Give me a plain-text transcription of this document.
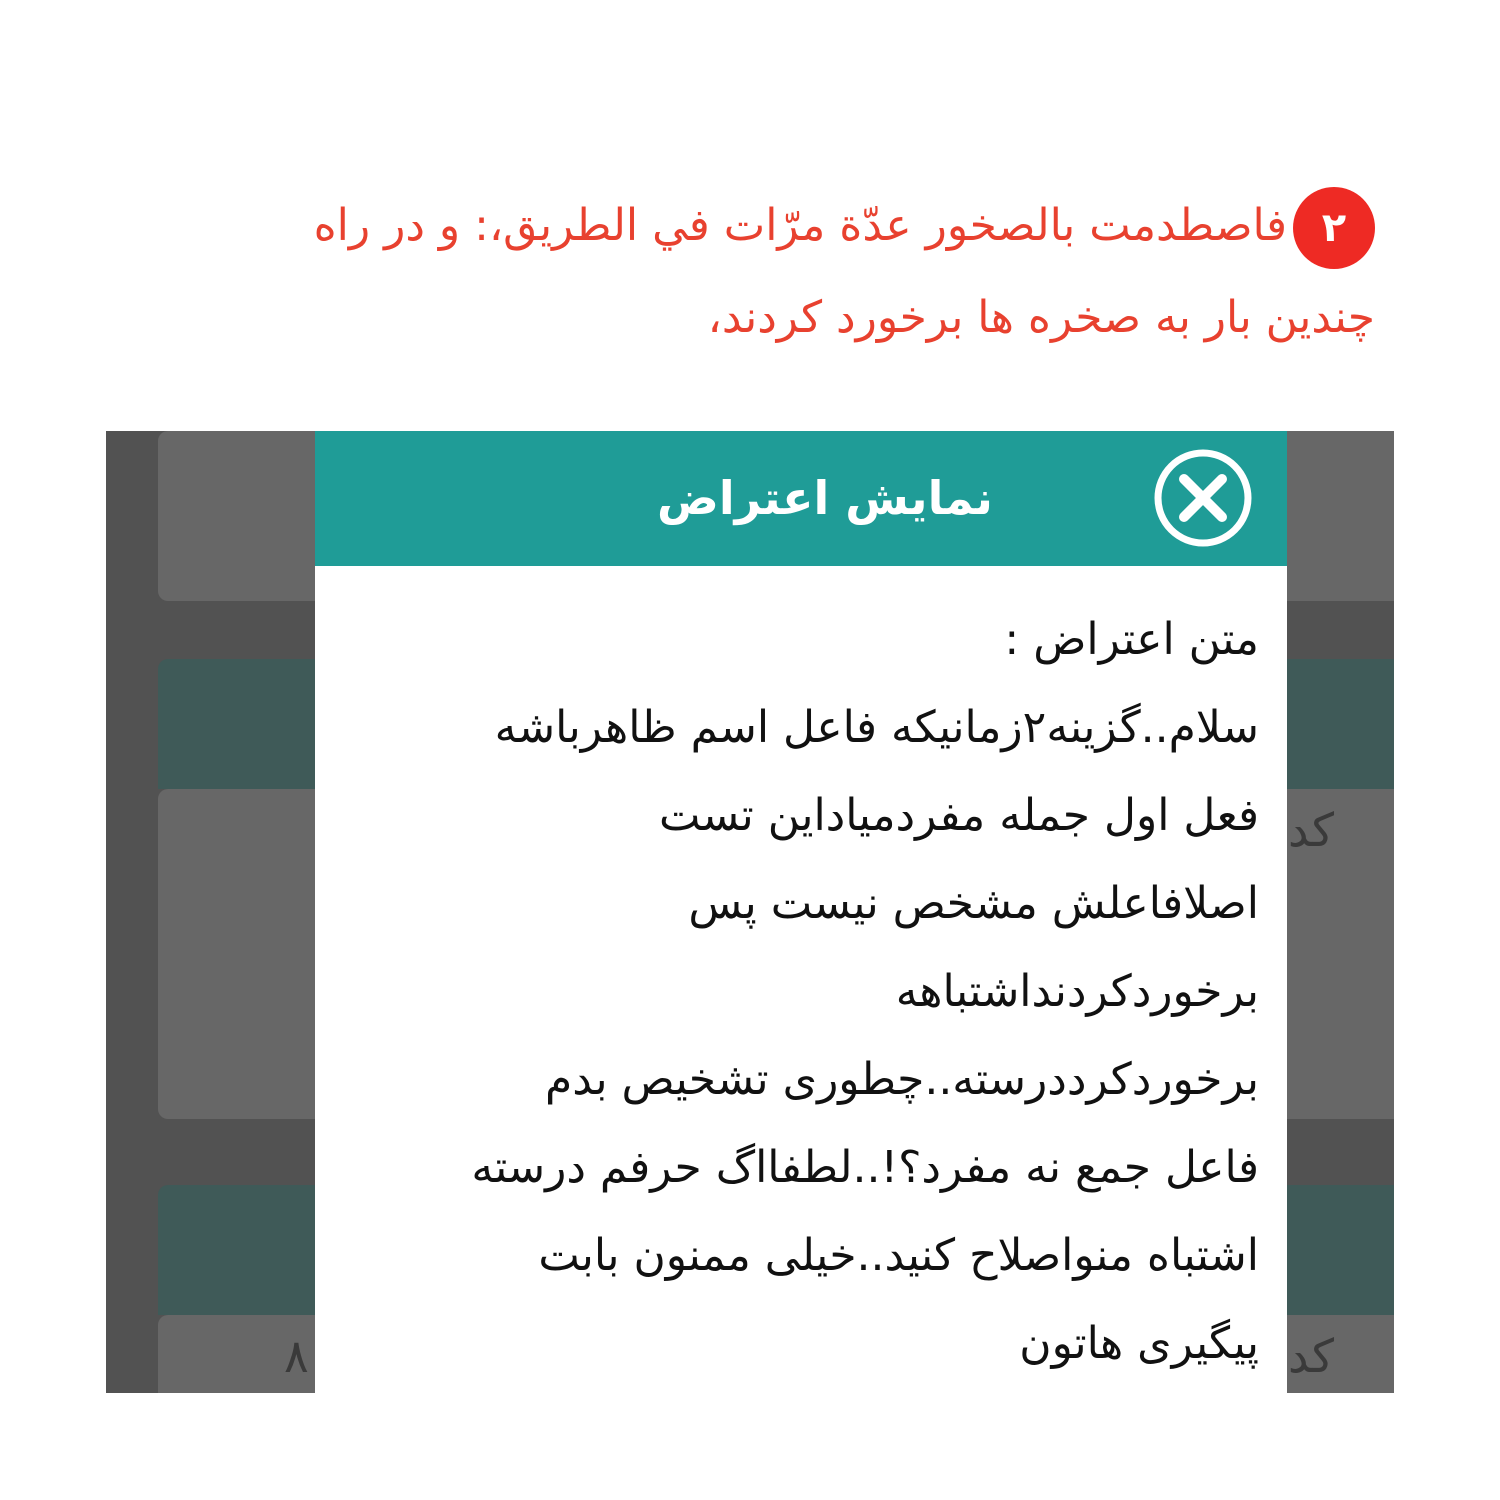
۲فاصطدمت بالصخور عدّة مرّات في الطريق،: و در راه
چندین بار به صخره ها برخورد کردند،
کد
کد
۸
نمایش اعتراض
متن اعتراض :
سلام..گزینه۲زمانیکه فاعل اسم ظاهرباشه
فعل اول جمله مفردمیاداین تست
اصلافاعلش مشخص نیست پس
برخوردکردنداشتباهه
برخوردکرددرسته..چطوری تشخیص بدم
فاعل جمع نه مفرد؟!..لطفااگ حرفم درسته
اشتباه منواصلاح کنید..خیلی ممنون بابت
پیگیری هاتون
